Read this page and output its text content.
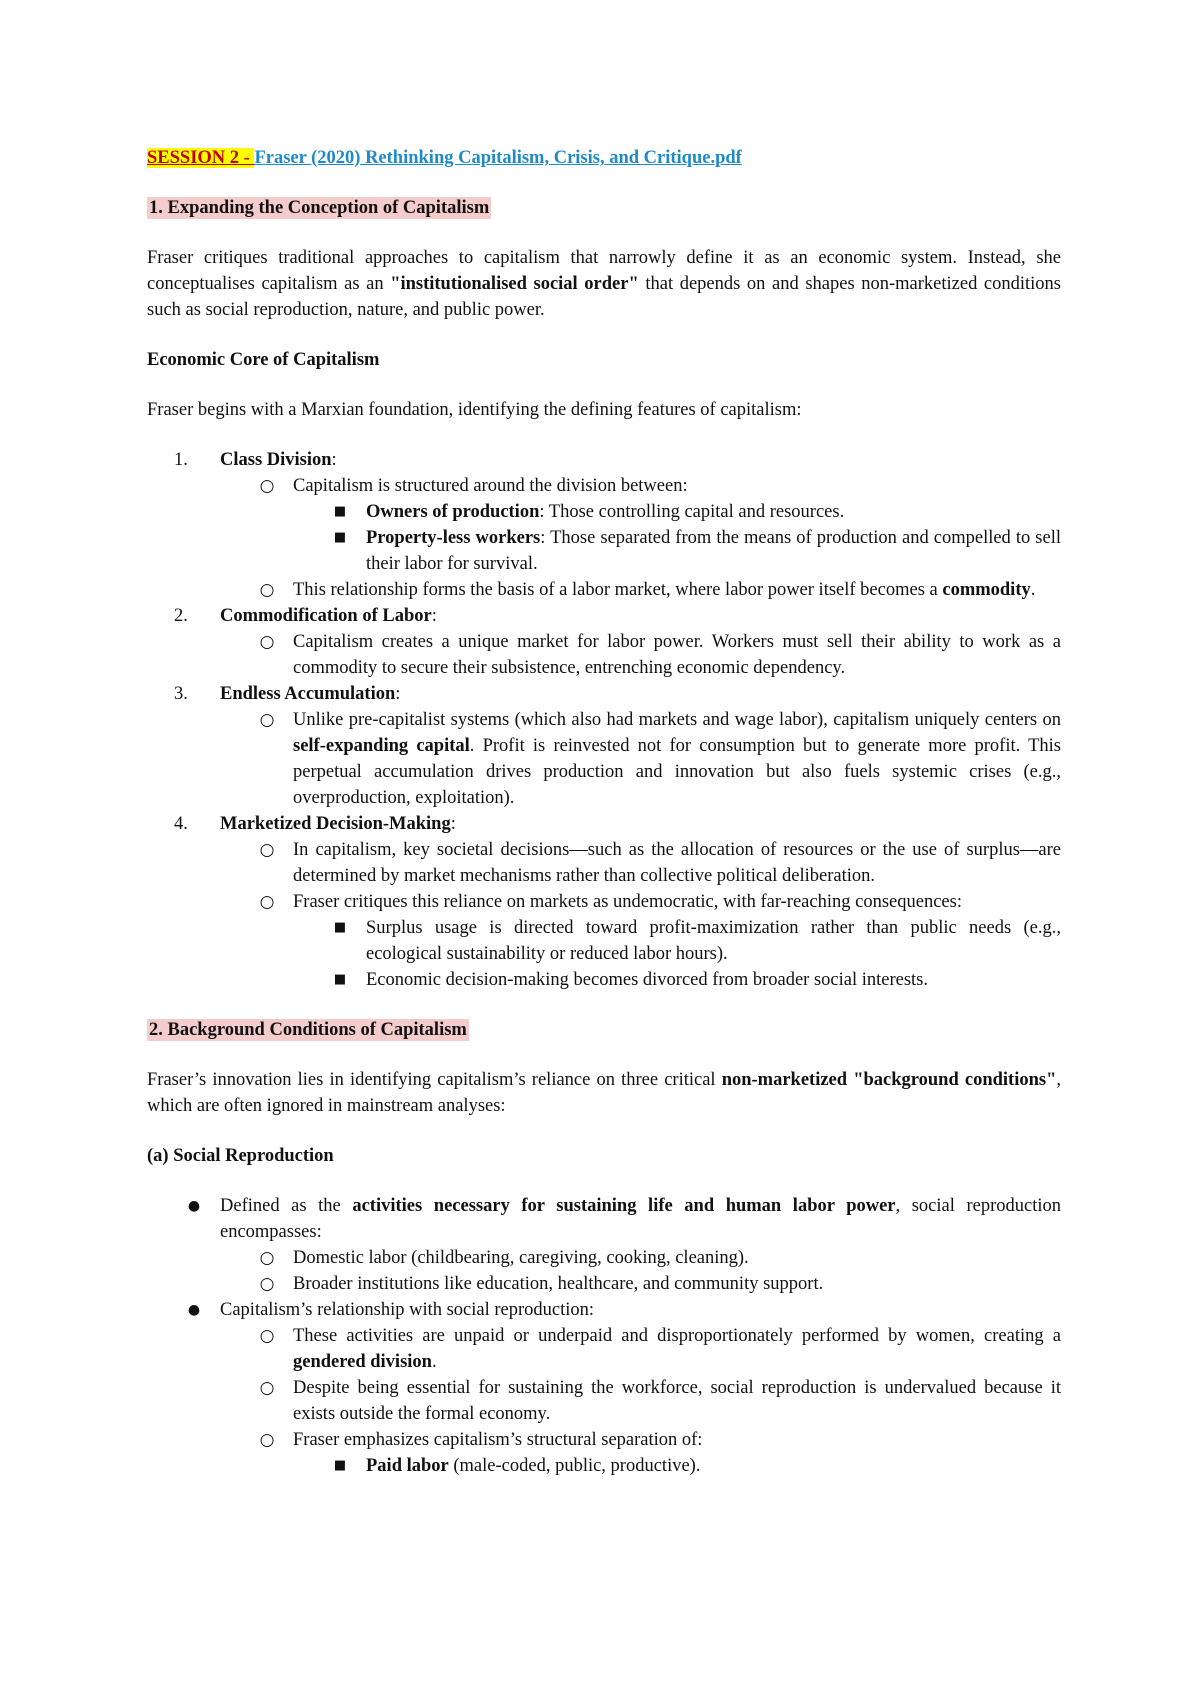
SESSION 2 - Fraser (2020) Rethinking Capitalism, Crisis, and Critique.pdf

1. Expanding the Conception of Capitalism

Fraser critiques traditional approaches to capitalism that narrowly define it as an economic system. Instead, she conceptualises capitalism as an "institutionalised social order" that depends on and shapes non-marketized conditions such as social reproduction, nature, and public power.

Economic Core of Capitalism

Fraser begins with a Marxian foundation, identifying the defining features of capitalism:

1.	Class Division:
○ Capitalism is structured around the division between:
■ Owners of production: Those controlling capital and resources.
■ Property-less workers: Those separated from the means of production and compelled to sell their labor for survival.
○ This relationship forms the basis of a labor market, where labor power itself becomes a commodity.
2.	Commodification of Labor:
○ Capitalism creates a unique market for labor power. Workers must sell their ability to work as a commodity to secure their subsistence, entrenching economic dependency.
3.	Endless Accumulation:
○ Unlike pre-capitalist systems (which also had markets and wage labor), capitalism uniquely centers on self-expanding capital. Profit is reinvested not for consumption but to generate more profit. This perpetual accumulation drives production and innovation but also fuels systemic crises (e.g., overproduction, exploitation).
4.	Marketized Decision-Making:
○ In capitalism, key societal decisions—such as the allocation of resources or the use of surplus—are determined by market mechanisms rather than collective political deliberation.
○ Fraser critiques this reliance on markets as undemocratic, with far-reaching consequences:
■ Surplus usage is directed toward profit-maximization rather than public needs (e.g., ecological sustainability or reduced labor hours).
■ Economic decision-making becomes divorced from broader social interests.
2. Background Conditions of Capitalism

Fraser’s innovation lies in identifying capitalism’s reliance on three critical non-marketized "background conditions", which are often ignored in mainstream analyses:

(a) Social Reproduction

● Defined as the activities necessary for sustaining life and human labor power, social reproduction encompasses:
○ Domestic labor (childbearing, caregiving, cooking, cleaning).
○ Broader institutions like education, healthcare, and community support.
● Capitalism’s relationship with social reproduction:
○ These activities are unpaid or underpaid and disproportionately performed by women, creating a gendered division.
○ Despite being essential for sustaining the workforce, social reproduction is undervalued because it exists outside the formal economy.
○ Fraser emphasizes capitalism’s structural separation of:
■ Paid labor (male-coded, public, productive).
